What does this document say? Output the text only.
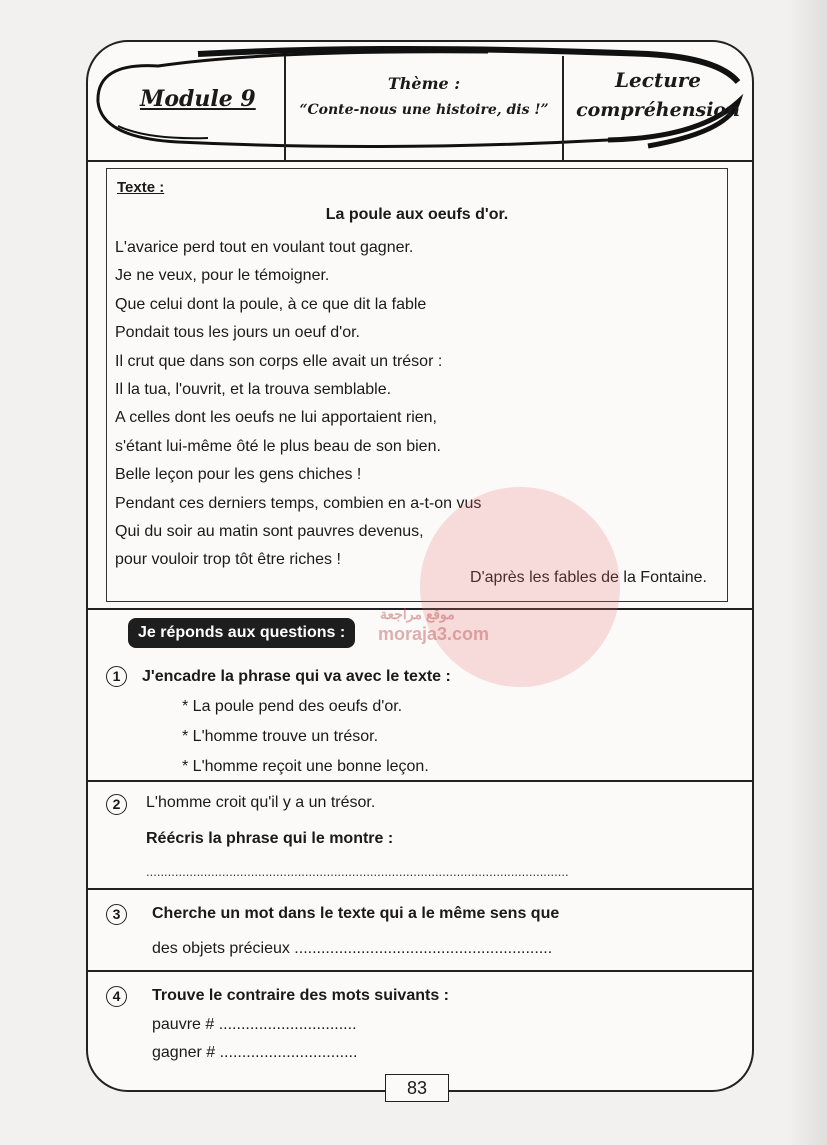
Module 9
Thème :
“Conte-nous une histoire, dis !”
Lecture
compréhension
Texte :
La poule aux oeufs d'or.
L'avarice perd tout en voulant tout gagner.
Je ne veux, pour le témoigner.
Que celui dont la poule, à ce que dit la fable
Pondait tous les jours un oeuf d'or.
Il crut que dans son corps elle avait un trésor :
Il la tua, l'ouvrit, et la trouva semblable.
A celles dont les oeufs ne lui apportaient rien,
s'étant lui-même ôté le plus beau de son bien.
Belle leçon pour les gens chiches !
Pendant ces derniers temps, combien en a-t-on vus
Qui du soir au matin sont pauvres devenus,
pour vouloir trop tôt être riches !
D'après les fables de la Fontaine.
Je réponds aux questions :
1	J'encadre la phrase qui va avec le texte :
* La poule pend des oeufs d'or.
* L'homme trouve un trésor.
* L'homme reçoit une bonne leçon.
2	L'homme croit qu'il y a un trésor.
Réécris la phrase qui le montre :
.....................................................................................................................
3	Cherche un mot dans le texte qui a le même sens que
des objets précieux ..........................................................
4	Trouve le contraire des mots suivants :
pauvre # ...............................
gagner # ...............................
83
موقع مراجعة
moraja3.com
